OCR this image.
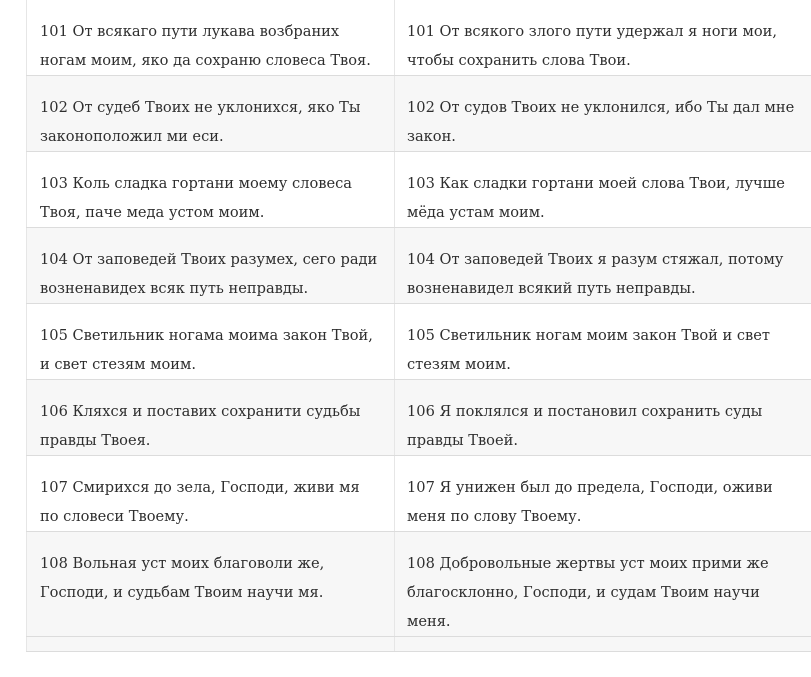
101 От всякаго пути лукава возбраних ногам моим, яко да сохраню словеса Твоя.	101 От всякого злого пути удержал я ноги мои, чтобы сохранить слова Твои.
102 От судеб Твоих не уклонихся, яко Ты законоположил ми еси.	102 От судов Твоих не уклонился, ибо Ты дал мне закон.
103 Коль сладка гортани моему словеса Твоя, паче меда устом моим.	103 Как сладки гортани моей слова Твои, лучше мёда устам моим.
104 От заповедей Твоих разумех, сего ради возненавидех всяк путь неправды.	104 От заповедей Твоих я разум стяжал, потому возненавидел всякий путь неправды.
105 Светильник ногама моима закон Твой, и свет стезям моим.	105 Светильник ногам моим закон Твой и свет стезям моим.
106 Кляхся и поставих сохранити судьбы правды Твоея.	106 Я поклялся и постановил сохранить суды правды Твоей.
107 Смирихся до зела, Господи, живи мя по словеси Твоему.	107 Я унижен был до предела, Господи, оживи меня по слову Твоему.
108 Вольная уст моих благоволи же, Господи, и судьбам Твоим научи мя.	108 Добровольные жертвы уст моих прими же благосклонно, Господи, и судам Твоим научи меня.
